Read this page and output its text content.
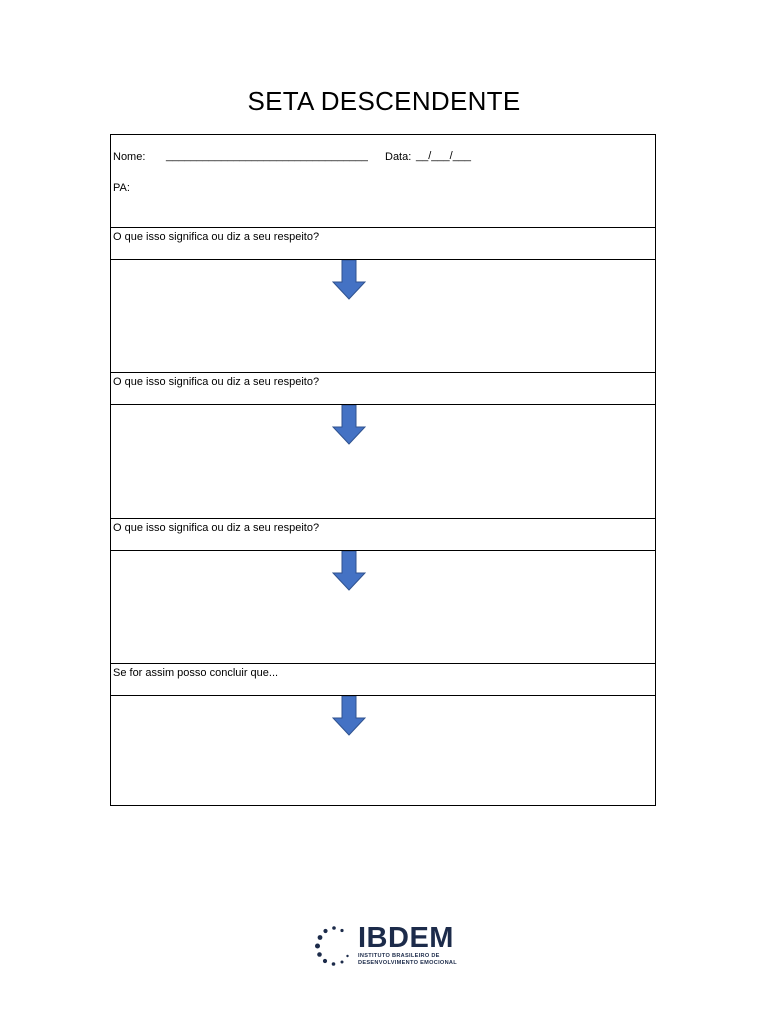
SETA DESCENDENTE
Nome: _________________________________ Data: __/___/___
PA:
O que isso significa ou diz a seu respeito?
O que isso significa ou diz a seu respeito?
O que isso significa ou diz a seu respeito?
Se for assim posso concluir que...
IBDEM
INSTITUTO BRASILEIRO DE
DESENVOLVIMENTO EMOCIONAL
